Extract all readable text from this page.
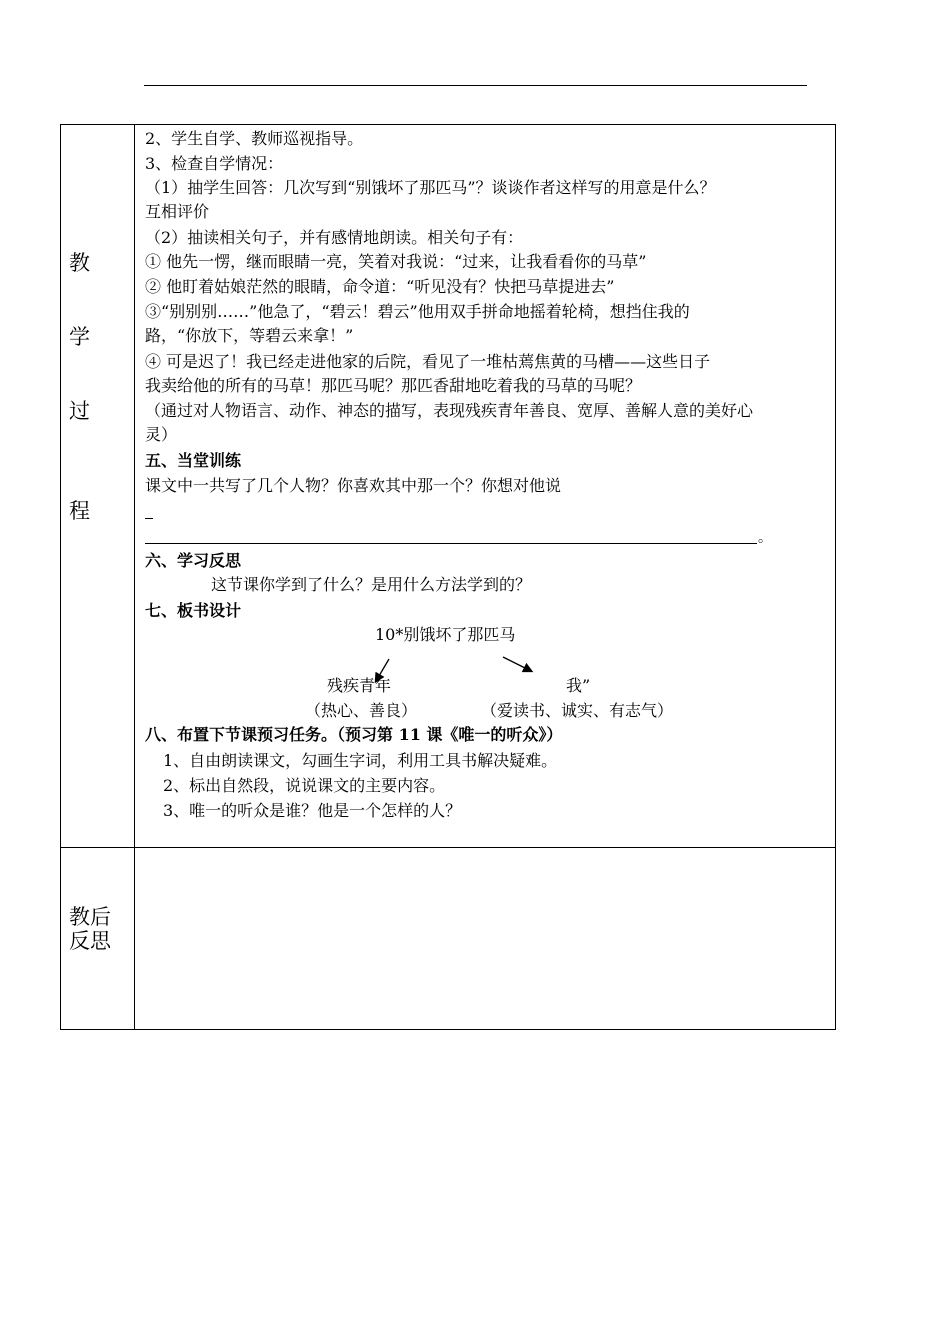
教
学
过
程
教后
反思
2、学生自学、教师巡视指导。
3、检查自学情况：
（1）抽学生回答：几次写到“别饿坏了那匹马”？谈谈作者这样写的用意是什么？
互相评价
（2）抽读相关句子，并有感情地朗读。相关句子有：
① 他先一愣，继而眼睛一亮，笑着对我说：“过来，让我看看你的马草”
② 他盯着姑娘茫然的眼睛，命令道：“听见没有？快把马草提进去”
③“别别别……”他急了，“碧云！碧云”他用双手拼命地摇着轮椅，想挡住我的
路，“你放下，等碧云来拿！”
④ 可是迟了！我已经走进他家的后院，看见了一堆枯蔫焦黄的马槽——这些日子
我卖给他的所有的马草！那匹马呢？那匹香甜地吃着我的马草的马呢？
（通过对人物语言、动作、神态的描写，表现残疾青年善良、宽厚、善解人意的美好心
灵）
五、当堂训练
课文中一共写了几个人物？你喜欢其中那一个？你想对他说
。
六、学习反思
这节课你学到了什么？是用什么方法学到的？
七、板书设计
10*别饿坏了那匹马
残疾青年	我”
（热心、善良）	（爱读书、诚实、有志气）
八、布置下节课预习任务。（预习第 11 课《唯一的听众》）
1、自由朗读课文，勾画生字词，利用工具书解决疑难。
2、标出自然段，说说课文的主要内容。
3、唯一的听众是谁？他是一个怎样的人？
